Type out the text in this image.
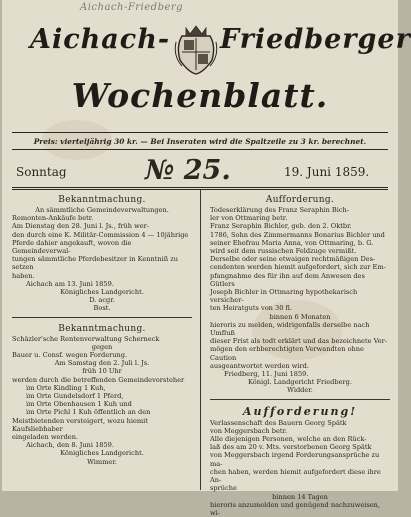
Aichach-Friedberg
Aichach- Friedberger
Wochenblatt.
Preis: vierteljährig 30 kr. — Bei Inseraten wird die Spaltzeile zu 3 kr. berechnet.
Sonntag	№ 25.	19. Juni 1859.

Bekanntmachung.

An sämmtliche Gemeindeverwaltungen.

Remonten-Ankäufe betr.

Am Dienstag den 28. Juni l. Js., früh wer-

den durch eine K. Militär-Commission 4 — 10jährige

Pferde dahier angekauft, wovon die Gemeindeverwal-

tungen sämmtliche Pferdebesitzer in Kenntniß zu setzen

haben.

Aichach am 13. Juni 1859.

Königliches Landgericht.

D. acgr.

Bost.

Bekanntmachung.

Schäzler'sche Rentenverwaltung Scherneck

gegen

Bauer u. Consf. wegen Forderung.

Am Samstag den 2. Juli l. Js.

früh 10 Uhr

werden durch die betreffenden Gemeindevorsteher

im Orte Kindling 1 Kuh,

im Orte Gundelsdorf 1 Pferd,

im Orte Obenhausen 1 Kuh und

im Orte Pichl 1 Kuh öffentlich an den

Meistbietenden versteigert, wozu hiemit Kaufsliebhaber

eingeladen werden.

Aichach, den 8. Juni 1859.

Königliches Landgericht.

Wimmer.

Aufforderung.

Todeserklärung des Franz Seraphin Bich-

ler von Ottmaring betr.

Franz Seraphin Bichler, geb. den 2. Oktbr.

1786, Sohn des Zimmermanns Bonarius Bichler und

seiner Ehefrau Maria Anna, von Ottmaring, b. G.

wird seit dem russischen Feldzuge vermißt.

Derselbe oder seine etwaigen rechtmäßigen Des-

cendenten werden hiemit aufgefordert, sich zur Em-

pfangnahme des für ihn auf dem Anwesen des Gütlers

Joseph Bichler in Ottmaring hypothekarisch versicher-

ten Heiratguts von 30 fl.

binnen 6 Monaten

hieroris zu melden, widrigenfalls derselbe nach Umfluß

dieser Frist als todt erklärt und das bezeichnete Ver-

mögen den erbberechtigten Verwandten ohne Caution

ausgeantwortet werden wird.

Friedberg, 11. Juni 1859.

Königl. Landgericht Friedberg.

Widder.

Aufforderung!

Verlassenschaft des Bauern Georg Spätk

von Meggersbach betr.

Alle diejenigen Personen, welche an den Rück-

laß des am 20 v. Mts. verstorbenen Georg Spätk

von Meggersbach irgend Forderungsansprüche zu ma-

chen haben, werden hiemit aufgefordert diese ihre An-

sprüche

binnen 14 Tagen

hieroris anzumelden und genügend nachzuweisen, wi-
